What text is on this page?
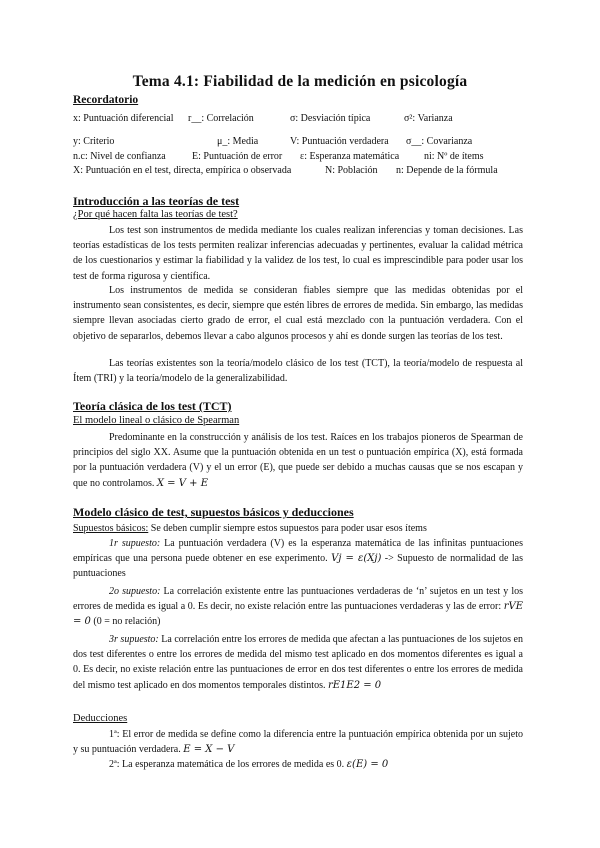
Tema 4.1: Fiabilidad de la medición en psicología
Recordatorio
x: Puntuación diferencial r__: Correlación	σ: Desviación típica	σ²: Varianza
y: Criterio	μ_: Media	V: Puntuación verdadera σ__: Covarianza
n.c: Nivel de confianza	E: Puntuación de error ε: Esperanza matemática ni: Nº de ítems
X: Puntuación en el test, directa, empírica o observada	N: Población n: Depende de la fórmula
Introducción a las teorías de test
¿Por qué hacen falta las teorías de test?
Los test son instrumentos de medida mediante los cuales realizan inferencias y toman decisiones. Las teorías estadísticas de los tests permiten realizar inferencias adecuadas y pertinentes, evaluar la calidad métrica de los cuestionarios y estimar la fiabilidad y la validez de los test, lo cual es imprescindible para poder usar los test de forma rigurosa y científica.
Los instrumentos de medida se consideran fiables siempre que las medidas obtenidas por el instrumento sean consistentes, es decir, siempre que estén libres de errores de medida. Sin embargo, las medidas siempre llevan asociadas cierto grado de error, el cual está mezclado con la puntuación verdadera. Con el objetivo de separarlos, debemos llevar a cabo algunos procesos y ahí es donde surgen las teorías de los test.
Las teorías existentes son la teoría/modelo clásico de los test (TCT), la teoría/modelo de respuesta al Ítem (TRI) y la teoría/modelo de la generalizabilidad.
Teoría clásica de los test (TCT)
El modelo lineal o clásico de Spearman
Predominante en la construcción y análisis de los test. Raíces en los trabajos pioneros de Spearman de principios del siglo XX. Asume que la puntuación obtenida en un test o puntuación empírica (X), está formada por la puntuación verdadera (V) y el un error (E), que puede ser debido a muchas causas que se nos escapan y que no controlamos. X = V + E
Modelo clásico de test, supuestos básicos y deducciones
Supuestos básicos: Se deben cumplir siempre estos supuestos para poder usar esos ítems
1r supuesto: La puntuación verdadera (V) es la esperanza matemática de las infinitas puntuaciones empíricas que una persona puede obtener en ese experimento. Vj = ε(Xj) -> Supuesto de normalidad de las puntuaciones
2o supuesto: La correlación existente entre las puntuaciones verdaderas de ‘n’ sujetos en un test y los errores de medida es igual a 0. Es decir, no existe relación entre las puntuaciones verdaderas y las de error: rVE = 0 (0 = no relación)
3r supuesto: La correlación entre los errores de medida que afectan a las puntuaciones de los sujetos en dos test diferentes o entre los errores de medida del mismo test aplicado en dos momentos diferentes es igual a 0. Es decir, no existe relación entre las puntuaciones de error en dos test diferentes o entre los errores de medida del mismo test aplicado en dos momentos temporales distintos. rE1E2 = 0
Deducciones
1ª: El error de medida se define como la diferencia entre la puntuación empírica obtenida por un sujeto y su puntuación verdadera. E = X − V
2ª: La esperanza matemática de los errores de medida es 0. ε(E) = 0
